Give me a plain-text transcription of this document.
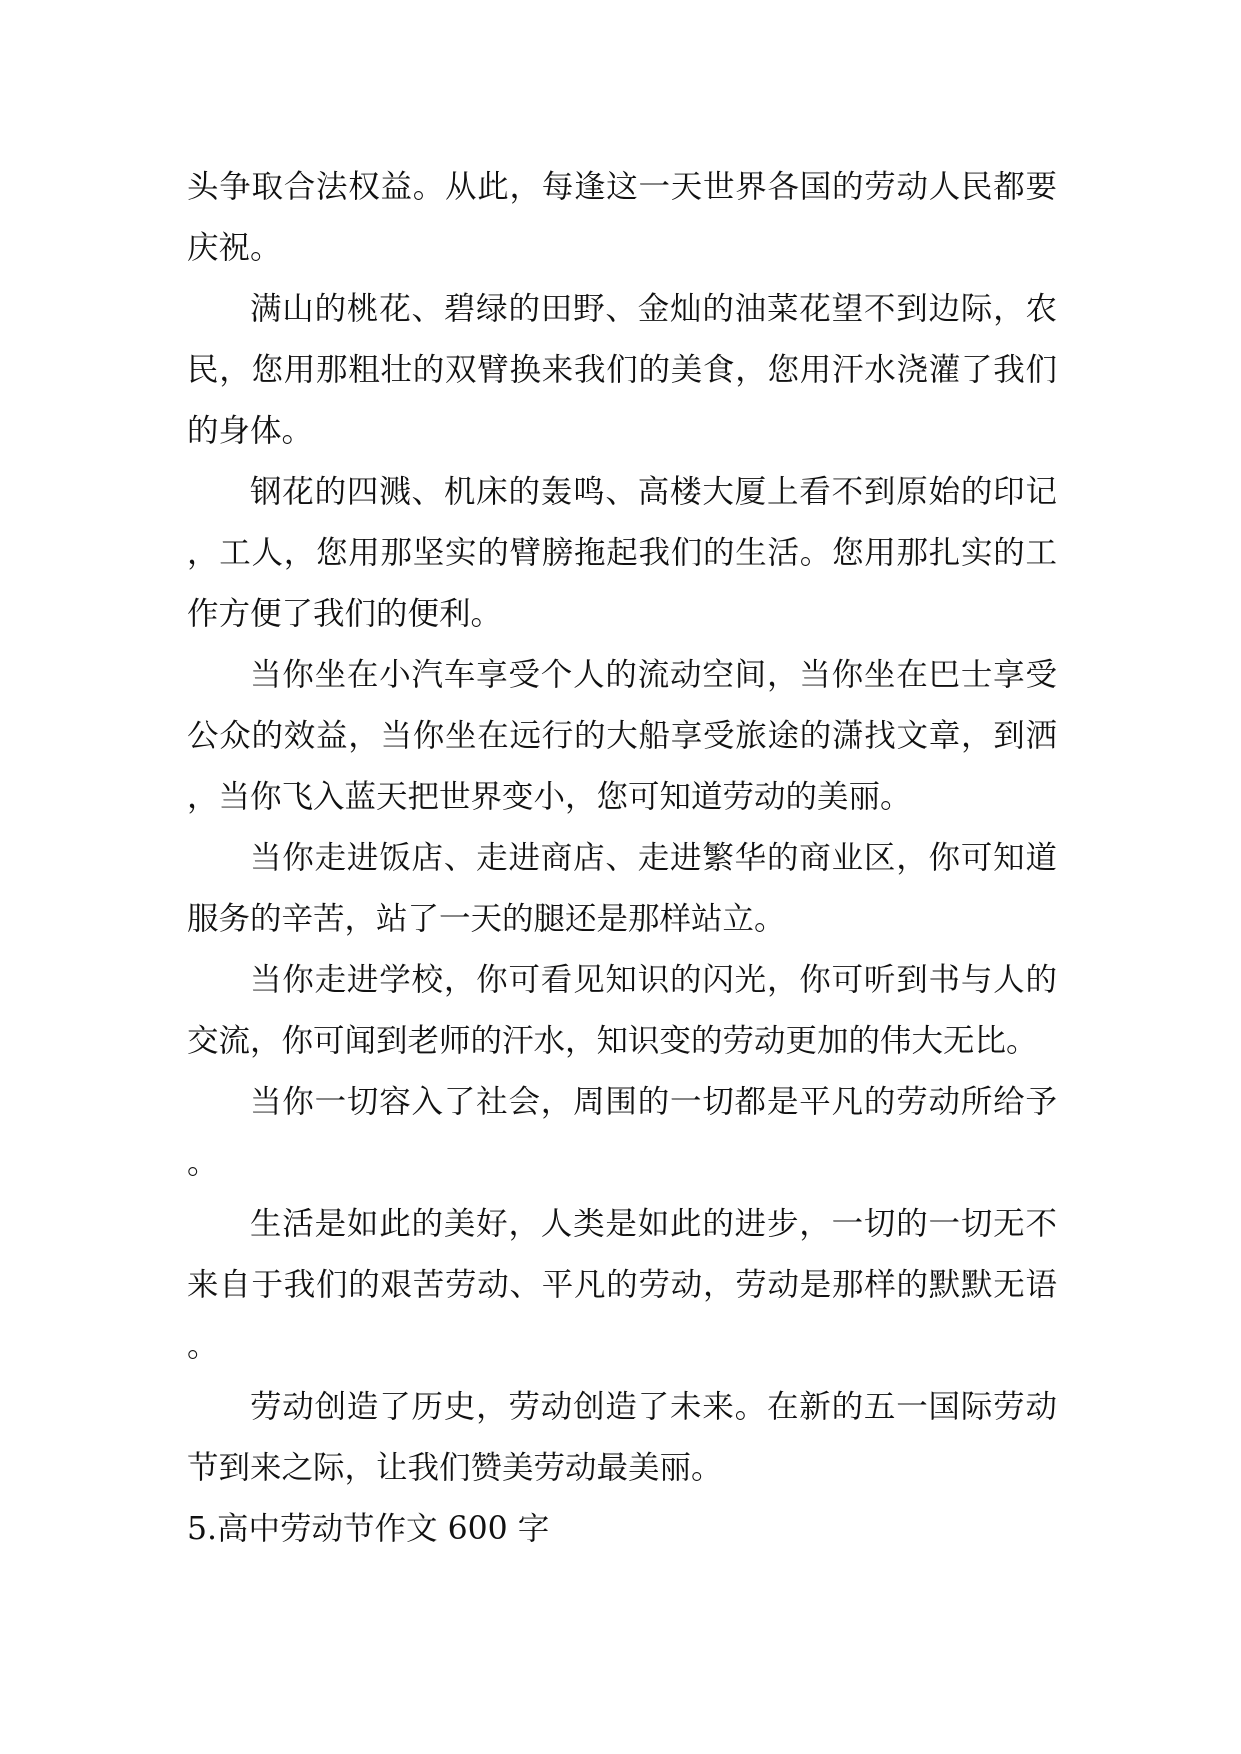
头争取合法权益。从此，每逢这一天世界各国的劳动人民都要庆祝。

满山的桃花、碧绿的田野、金灿的油菜花望不到边际，农民，您用那粗壮的双臂换来我们的美食，您用汗水浇灌了我们的身体。

钢花的四溅、机床的轰鸣、高楼大厦上看不到原始的印记，工人，您用那坚实的臂膀拖起我们的生活。您用那扎实的工作方便了我们的便利。

当你坐在小汽车享受个人的流动空间，当你坐在巴士享受公众的效益，当你坐在远行的大船享受旅途的潇找文章，到洒，当你飞入蓝天把世界变小，您可知道劳动的美丽。

当你走进饭店、走进商店、走进繁华的商业区，你可知道服务的辛苦，站了一天的腿还是那样站立。

当你走进学校，你可看见知识的闪光，你可听到书与人的交流，你可闻到老师的汗水，知识变的劳动更加的伟大无比。

当你一切容入了社会，周围的一切都是平凡的劳动所给予。

生活是如此的美好，人类是如此的进步，一切的一切无不来自于我们的艰苦劳动、平凡的劳动，劳动是那样的默默无语。

劳动创造了历史，劳动创造了未来。在新的五一国际劳动节到来之际，让我们赞美劳动最美丽。

5.高中劳动节作文 600 字
